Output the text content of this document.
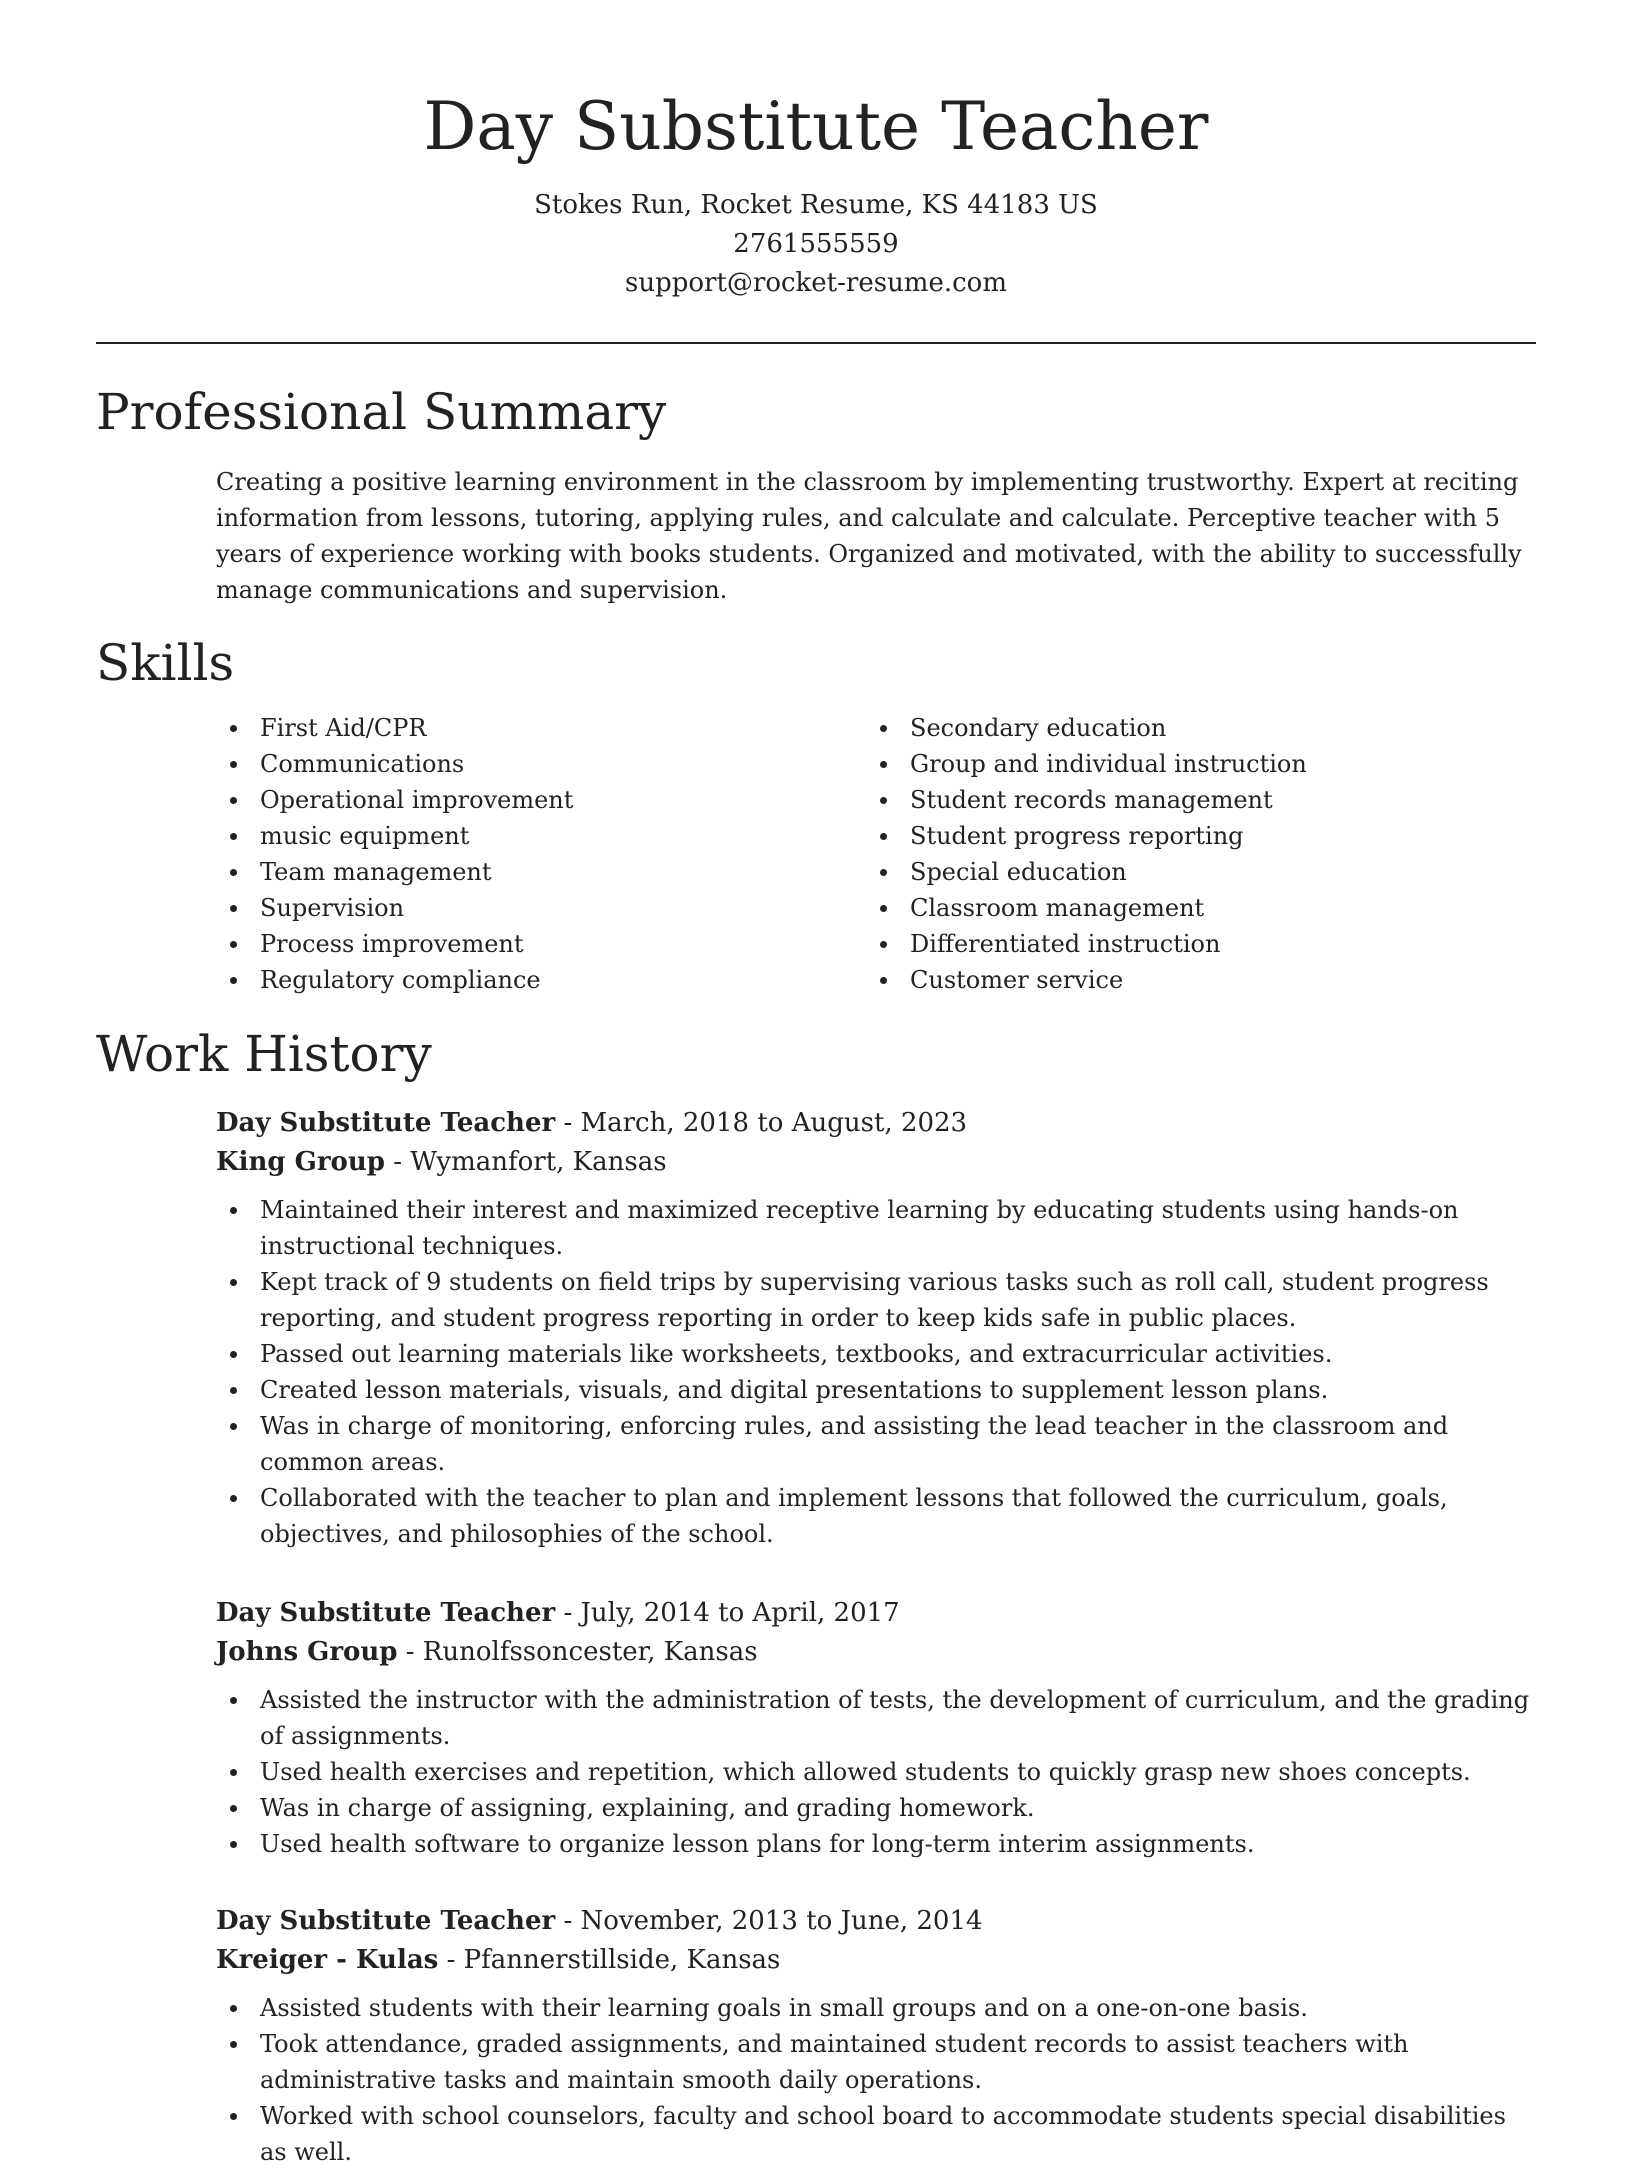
Day Substitute Teacher
Stokes Run, Rocket Resume, KS 44183 US
2761555559
support@rocket-resume.com
Professional Summary

Creating a positive learning environment in the classroom by implementing trustworthy. Expert at reciting information from lessons, tutoring, applying rules, and calculate and calculate. Perceptive teacher with 5 years of experience working with books students. Organized and motivated, with the ability to successfully manage communications and supervision.

Skills
First Aid/CPR
Communications
Operational improvement
music equipment
Team management
Supervision
Process improvement
Regulatory compliance
Secondary education
Group and individual instruction
Student records management
Student progress reporting
Special education
Classroom management
Differentiated instruction
Customer service
Work History
Day Substitute Teacher - March, 2018 to August, 2023
King Group - Wymanfort, Kansas
Maintained their interest and maximized receptive learning by educating students using hands-on instructional techniques.
Kept track of 9 students on field trips by supervising various tasks such as roll call, student progress reporting, and student progress reporting in order to keep kids safe in public places.
Passed out learning materials like worksheets, textbooks, and extracurricular activities.
Created lesson materials, visuals, and digital presentations to supplement lesson plans.
Was in charge of monitoring, enforcing rules, and assisting the lead teacher in the classroom and common areas.
Collaborated with the teacher to plan and implement lessons that followed the curriculum, goals, objectives, and philosophies of the school.
Day Substitute Teacher - July, 2014 to April, 2017
Johns Group - Runolfssoncester, Kansas
Assisted the instructor with the administration of tests, the development of curriculum, and the grading of assignments.
Used health exercises and repetition, which allowed students to quickly grasp new shoes concepts.
Was in charge of assigning, explaining, and grading homework.
Used health software to organize lesson plans for long-term interim assignments.
Day Substitute Teacher - November, 2013 to June, 2014
Kreiger - Kulas - Pfannerstillside, Kansas
Assisted students with their learning goals in small groups and on a one-on-one basis.
Took attendance, graded assignments, and maintained student records to assist teachers with administrative tasks and maintain smooth daily operations.
Worked with school counselors, faculty and school board to accommodate students special disabilities as well.
